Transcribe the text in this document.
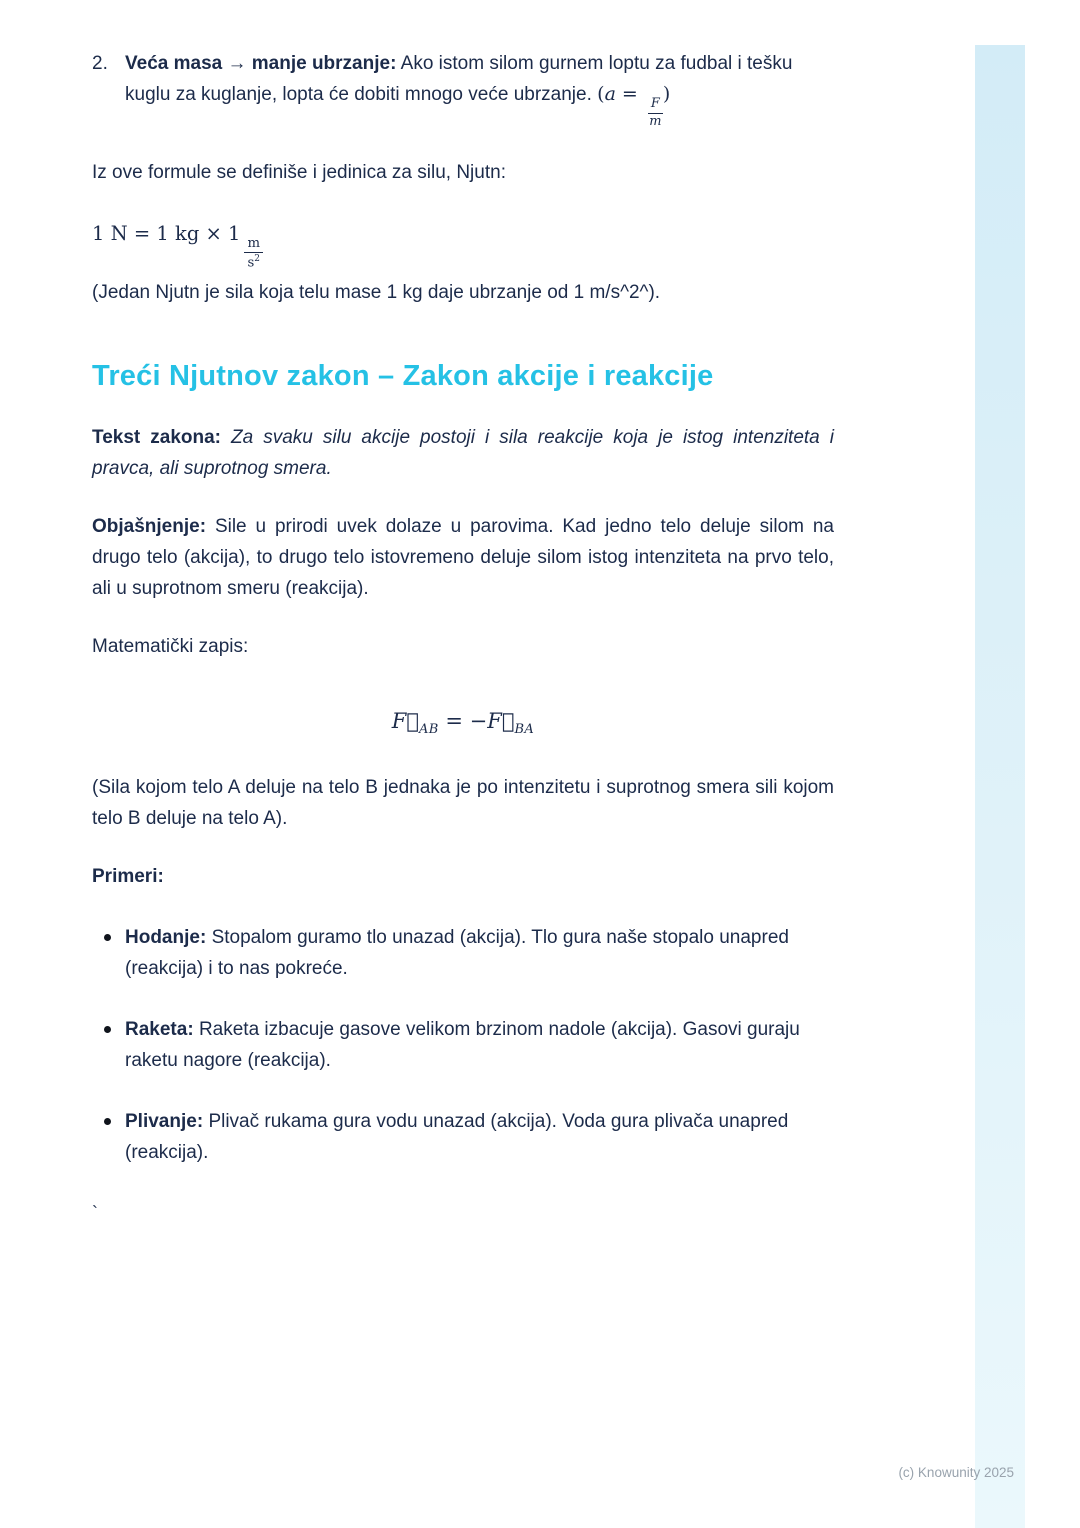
2. Veća masa → manje ubrzanje: Ako istom silom gurnem loptu za fudbal i tešku kuglu za kuglanje, lopta će dobiti mnogo veće ubrzanje. (a =
$\frac{F}{m}$
)

Iz ove formule se definiše i jedinica za silu, Njutn:

1 N = 1 kg × 1
$\frac{m}{s^2}$

(Jedan Njutn je sila koja telu mase 1 kg daje ubrzanje od 1 m/s^2^).

Treći Njutnov zakon – Zakon akcije i reakcije

Tekst zakona: Za svaku silu akcije postoji i sila reakcije koja je istog intenziteta i pravca, ali suprotnog smera.

Objašnjenje: Sile u prirodi uvek dolaze u parovima. Kad jedno telo deluje silom na drugo telo (akcija), to drugo telo istovremeno deluje silom istog intenziteta na prvo telo, ali u suprotnom smeru (reakcija).

Matematički zapis:

$F⃗_{AB}$ = $-F⃗_{BA}$

(Sila kojom telo A deluje na telo B jednaka je po intenzitetu i suprotnog smera sili kojom telo B deluje na telo A).

Primeri:

Hodanje: Stopalom guramo tlo unazad (akcija). Tlo gura naše stopalo unapred (reakcija) i to nas pokreće.

Raketa: Raketa izbacuje gasove velikom brzinom nadole (akcija). Gasovi guraju raketu nagore (reakcija).

Plivanje: Plivač rukama gura vodu unazad (akcija). Voda gura plivača unapred (reakcija).

`

(c) Knowunity 2025
